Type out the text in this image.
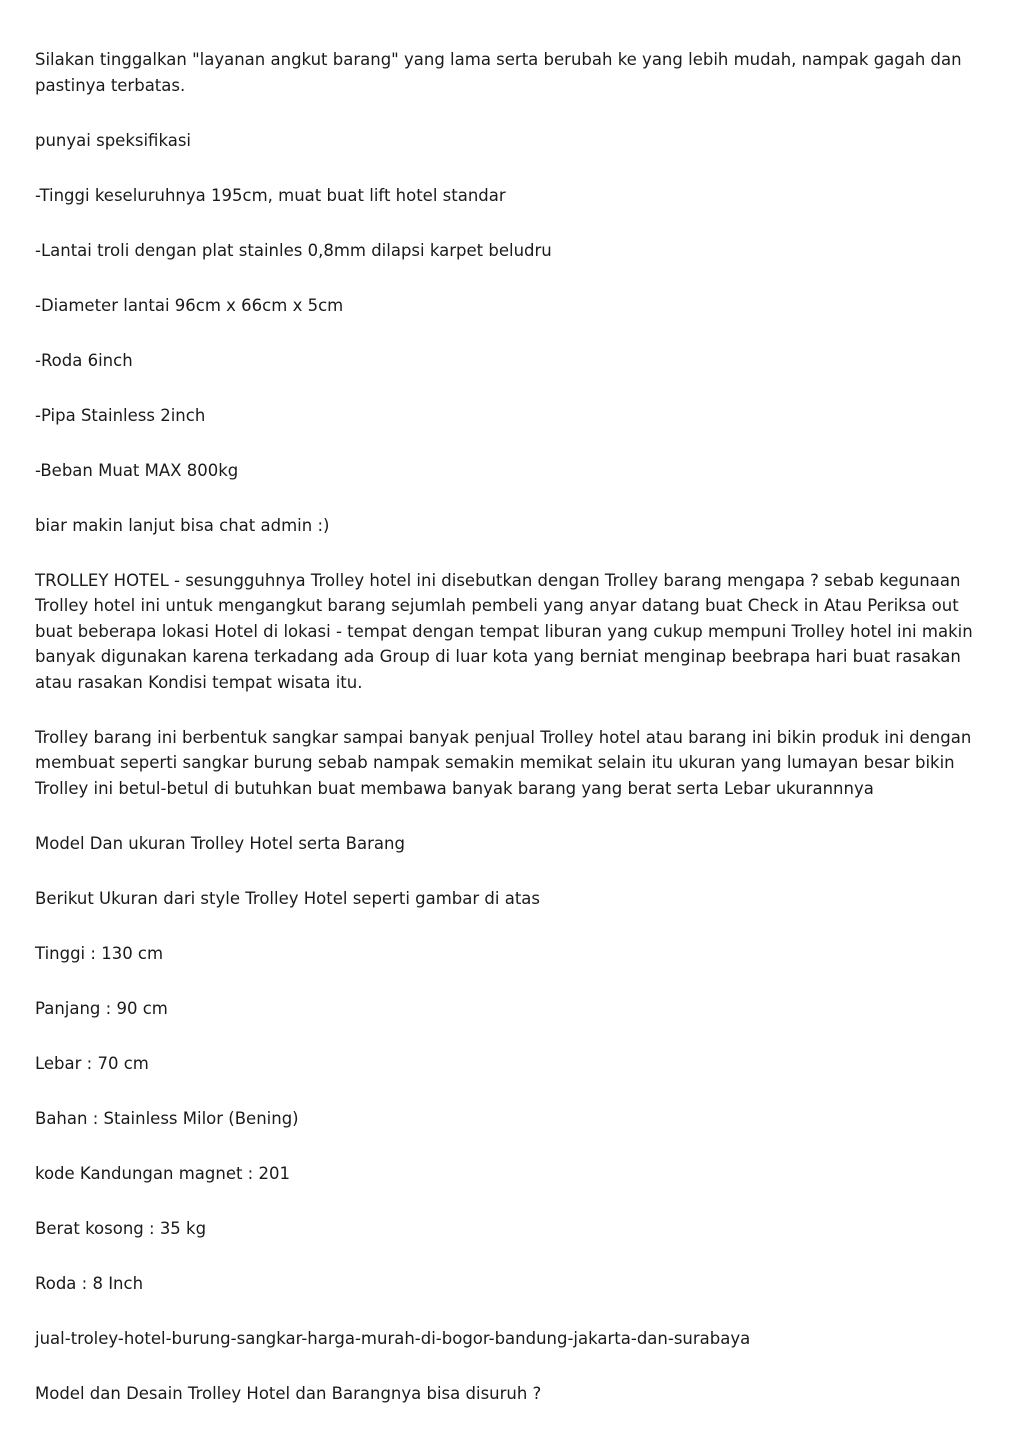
Silakan tinggalkan "layanan angkut barang" yang lama serta berubah ke yang lebih mudah, nampak gagah dan pastinya terbatas.

punyai speksifikasi

-Tinggi keseluruhnya 195cm, muat buat lift hotel standar

-Lantai troli dengan plat stainles 0,8mm dilapsi karpet beludru

-Diameter lantai 96cm x 66cm x 5cm

-Roda 6inch

-Pipa Stainless 2inch

-Beban Muat MAX 800kg

biar makin lanjut bisa chat admin :)

TROLLEY HOTEL - sesungguhnya Trolley hotel ini disebutkan dengan Trolley barang mengapa ? sebab kegunaan Trolley hotel ini untuk mengangkut barang sejumlah pembeli yang anyar datang buat Check in Atau Periksa out buat beberapa lokasi Hotel di lokasi - tempat dengan tempat liburan yang cukup mempuni Trolley hotel ini makin banyak digunakan karena terkadang ada Group di luar kota yang berniat menginap beebrapa hari buat rasakan atau rasakan Kondisi tempat wisata itu.

Trolley barang ini berbentuk sangkar sampai banyak penjual Trolley hotel atau barang ini bikin produk ini dengan membuat seperti sangkar burung sebab nampak semakin memikat selain itu ukuran yang lumayan besar bikin Trolley ini betul-betul di butuhkan buat membawa banyak barang yang berat serta Lebar ukurannnya

Model Dan ukuran Trolley Hotel serta Barang

Berikut Ukuran dari style Trolley Hotel seperti gambar di atas

Tinggi : 130 cm

Panjang : 90 cm

Lebar : 70 cm

Bahan : Stainless Milor (Bening)

kode Kandungan magnet : 201

Berat kosong : 35 kg

Roda : 8 Inch

jual-troley-hotel-burung-sangkar-harga-murah-di-bogor-bandung-jakarta-dan-surabaya

Model dan Desain Trolley Hotel dan Barangnya bisa disuruh ?
